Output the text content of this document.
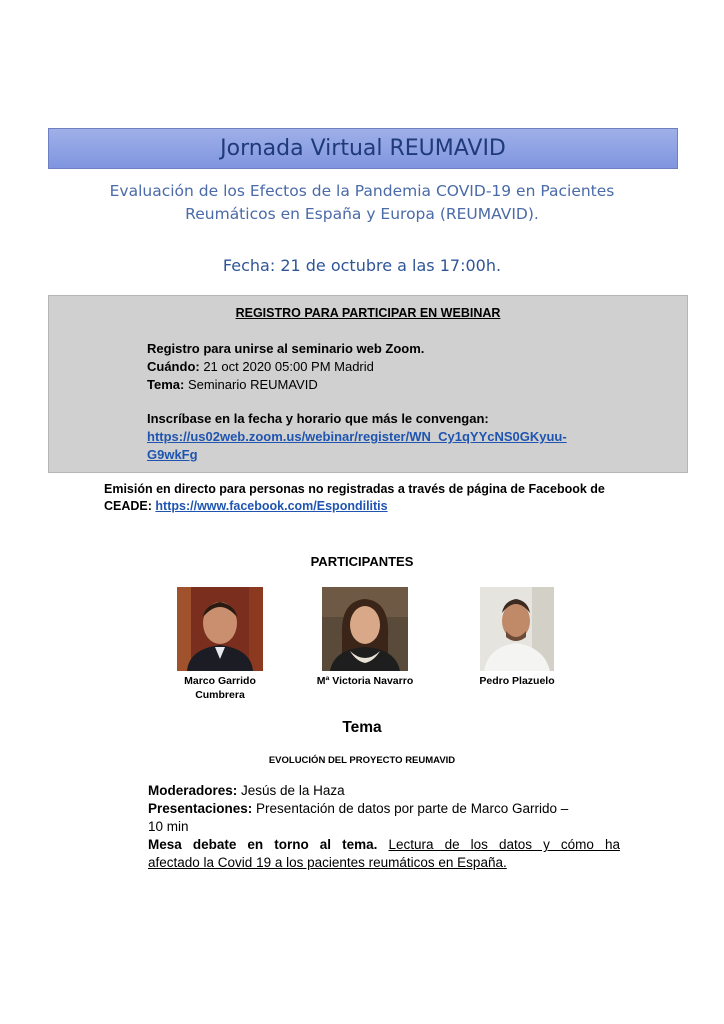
Jornada Virtual REUMAVID
Evaluación de los Efectos de la Pandemia COVID-19 en Pacientes
Reumáticos en España y Europa (REUMAVID).
Fecha: 21 de octubre a las 17:00h.
REGISTRO PARA PARTICIPAR EN WEBINAR
Registro para unirse al seminario web Zoom.
Cuándo: 21 oct 2020 05:00 PM Madrid
Tema: Seminario REUMAVID
Inscríbase en la fecha y horario que más le convengan:
https://us02web.zoom.us/webinar/register/WN_Cy1qYYcNS0GKyuu-
G9wkFg
Emisión en directo para personas no registradas a través de página de Facebook de CEADE: https://www.facebook.com/Espondilitis
PARTICIPANTES
Marco Garrido
Cumbrera
Mª Victoria Navarro	Pedro Plazuelo
Tema
EVOLUCIÓN DEL PROYECTO REUMAVID
Moderadores: Jesús de la Haza
Presentaciones: Presentación de datos por parte de Marco Garrido –
10 min
Mesa debate en torno al tema. Lectura de los datos y cómo ha
afectado la Covid 19 a los pacientes reumáticos en España.
